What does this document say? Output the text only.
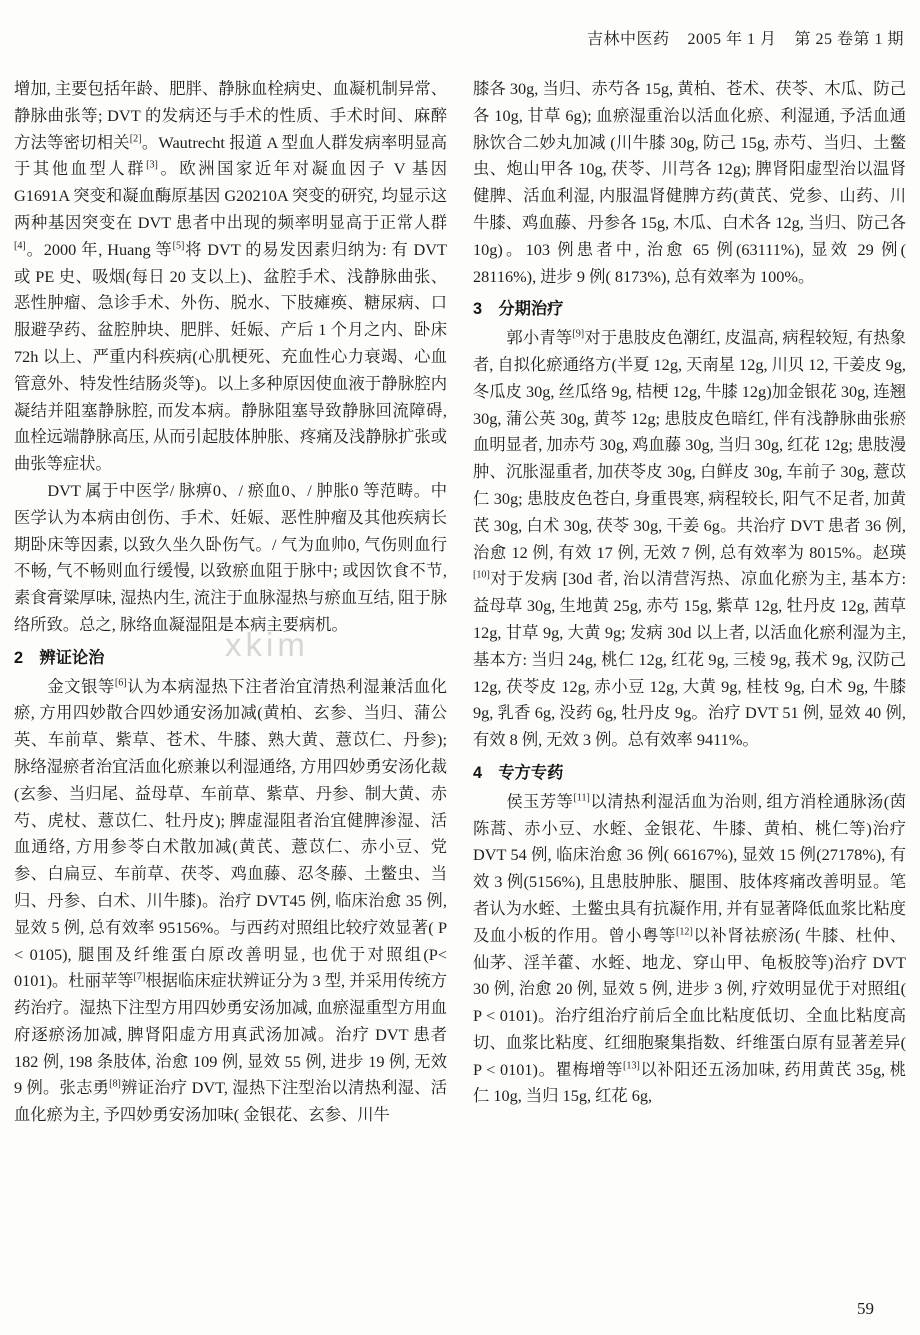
吉林中医药    2005 年 1 月    第 25 卷第 1 期
xkim

增加, 主要包括年龄、肥胖、静脉血栓病史、血凝机制异常、静脉曲张等; DVT 的发病还与手术的性质、手术时间、麻醉方法等密切相关[2]。Wautrecht 报道 A 型血人群发病率明显高于其他血型人群[3]。欧洲国家近年对凝血因子 V 基因 G1691A 突变和凝血酶原基因 G20210A 突变的研究, 均显示这两种基因突变在 DVT 患者中出现的频率明显高于正常人群[4]。2000 年, Huang 等[5]将 DVT 的易发因素归纳为: 有 DVT 或 PE 史、吸烟(每日 20 支以上)、盆腔手术、浅静脉曲张、恶性肿瘤、急诊手术、外伤、脱水、下肢瘫痪、糖尿病、口服避孕药、盆腔肿块、肥胖、妊娠、产后 1 个月之内、卧床 72h 以上、严重内科疾病(心肌梗死、充血性心力衰竭、心血管意外、特发性结肠炎等)。以上多种原因使血液于静脉腔内凝结并阻塞静脉腔, 而发本病。静脉阻塞导致静脉回流障碍, 血栓远端静脉高压, 从而引起肢体肿胀、疼痛及浅静脉扩张或曲张等症状。

DVT 属于中医学/ 脉痹0、/ 瘀血0、/ 肿胀0 等范畴。中医学认为本病由创伤、手术、妊娠、恶性肿瘤及其他疾病长期卧床等因素, 以致久坐久卧伤气。/ 气为血帅0, 气伤则血行不畅, 气不畅则血行缓慢, 以致瘀血阻于脉中; 或因饮食不节, 素食膏粱厚味, 湿热内生, 流注于血脉湿热与瘀血互结, 阻于脉络所致。总之, 脉络血凝湿阻是本病主要病机。

2　辨证论治

金文银等[6]认为本病湿热下注者治宜清热利湿兼活血化瘀, 方用四妙散合四妙通安汤加减(黄柏、玄参、当归、蒲公英、车前草、紫草、苍术、牛膝、熟大黄、薏苡仁、丹参); 脉络湿瘀者治宜活血化瘀兼以利湿通络, 方用四妙勇安汤化裁(玄参、当归尾、益母草、车前草、紫草、丹参、制大黄、赤芍、虎杖、薏苡仁、牡丹皮); 脾虚湿阻者治宜健脾渗湿、活血通络, 方用参苓白术散加减(黄芪、薏苡仁、赤小豆、党参、白扁豆、车前草、茯苓、鸡血藤、忍冬藤、土鳖虫、当归、丹参、白术、川牛膝)。治疗 DVT45 例, 临床治愈 35 例, 显效 5 例, 总有效率 95156%。与西药对照组比较疗效显著( P < 0105), 腿围及纤维蛋白原改善明显, 也优于对照组(P< 0101)。杜丽苹等[7]根据临床症状辨证分为 3 型, 并采用传统方药治疗。湿热下注型方用四妙勇安汤加减, 血瘀湿重型方用血府逐瘀汤加减, 脾肾阳虚方用真武汤加减。治疗 DVT 患者 182 例, 198 条肢体, 治愈 109 例, 显效 55 例, 进步 19 例, 无效 9 例。张志勇[8]辨证治疗 DVT, 湿热下注型治以清热利湿、活血化瘀为主, 予四妙勇安汤加味( 金银花、玄参、川牛

膝各 30g, 当归、赤芍各 15g, 黄柏、苍术、茯苓、木瓜、防己各 10g, 甘草 6g); 血瘀湿重治以活血化瘀、利湿通, 予活血通脉饮合二妙丸加减 (川牛膝 30g, 防己 15g, 赤芍、当归、土鳖虫、炮山甲各 10g, 茯苓、川芎各 12g); 脾肾阳虚型治以温肾健脾、活血利湿, 内服温肾健脾方药(黄芪、党参、山药、川牛膝、鸡血藤、丹参各 15g, 木瓜、白术各 12g, 当归、防己各 10g)。103 例患者中, 治愈 65 例(63111%), 显效 29 例( 28116%), 进步 9 例( 8173%), 总有效率为 100%。

3　分期治疗

郭小青等[9]对于患肢皮色潮红, 皮温高, 病程较短, 有热象者, 自拟化瘀通络方(半夏 12g, 天南星 12g, 川贝 12, 干姜皮 9g, 冬瓜皮 30g, 丝瓜络 9g, 桔梗 12g, 牛膝 12g)加金银花 30g, 连翘 30g, 蒲公英 30g, 黄芩 12g; 患肢皮色暗红, 伴有浅静脉曲张瘀血明显者, 加赤芍 30g, 鸡血藤 30g, 当归 30g, 红花 12g; 患肢漫肿、沉胀湿重者, 加茯苓皮 30g, 白鲜皮 30g, 车前子 30g, 薏苡仁 30g; 患肢皮色苍白, 身重畏寒, 病程较长, 阳气不足者, 加黄芪 30g, 白术 30g, 茯苓 30g, 干姜 6g。共治疗 DVT 患者 36 例, 治愈 12 例, 有效 17 例, 无效 7 例, 总有效率为 8015%。赵瑛[10]对于发病 [30d 者, 治以清营泻热、凉血化瘀为主, 基本方: 益母草 30g, 生地黄 25g, 赤芍 15g, 紫草 12g, 牡丹皮 12g, 茜草 12g, 甘草 9g, 大黄 9g; 发病 30d 以上者, 以活血化瘀利湿为主, 基本方: 当归 24g, 桃仁 12g, 红花 9g, 三棱 9g, 莪术 9g, 汉防己 12g, 茯苓皮 12g, 赤小豆 12g, 大黄 9g, 桂枝 9g, 白术 9g, 牛膝 9g, 乳香 6g, 没药 6g, 牡丹皮 9g。治疗 DVT 51 例, 显效 40 例, 有效 8 例, 无效 3 例。总有效率 9411%。

4　专方专药

侯玉芳等[11]以清热利湿活血为治则, 组方消栓通脉汤(茵陈蒿、赤小豆、水蛭、金银花、牛膝、黄柏、桃仁等)治疗 DVT 54 例, 临床治愈 36 例( 66167%), 显效 15 例(27178%), 有效 3 例(5156%), 且患肢肿胀、腿围、肢体疼痛改善明显。笔者认为水蛭、土鳖虫具有抗凝作用, 并有显著降低血浆比粘度及血小板的作用。曾小粤等[12]以补肾祛瘀汤( 牛膝、杜仲、仙茅、淫羊藿、水蛭、地龙、穿山甲、龟板胶等)治疗 DVT 30 例, 治愈 20 例, 显效 5 例, 进步 3 例, 疗效明显优于对照组( P < 0101)。治疗组治疗前后全血比粘度低切、全血比粘度高切、血浆比粘度、红细胞聚集指数、纤维蛋白原有显著差异( P < 0101)。瞿梅增等[13]以补阳还五汤加味, 药用黄芪 35g, 桃仁 10g, 当归 15g, 红花 6g,

59
